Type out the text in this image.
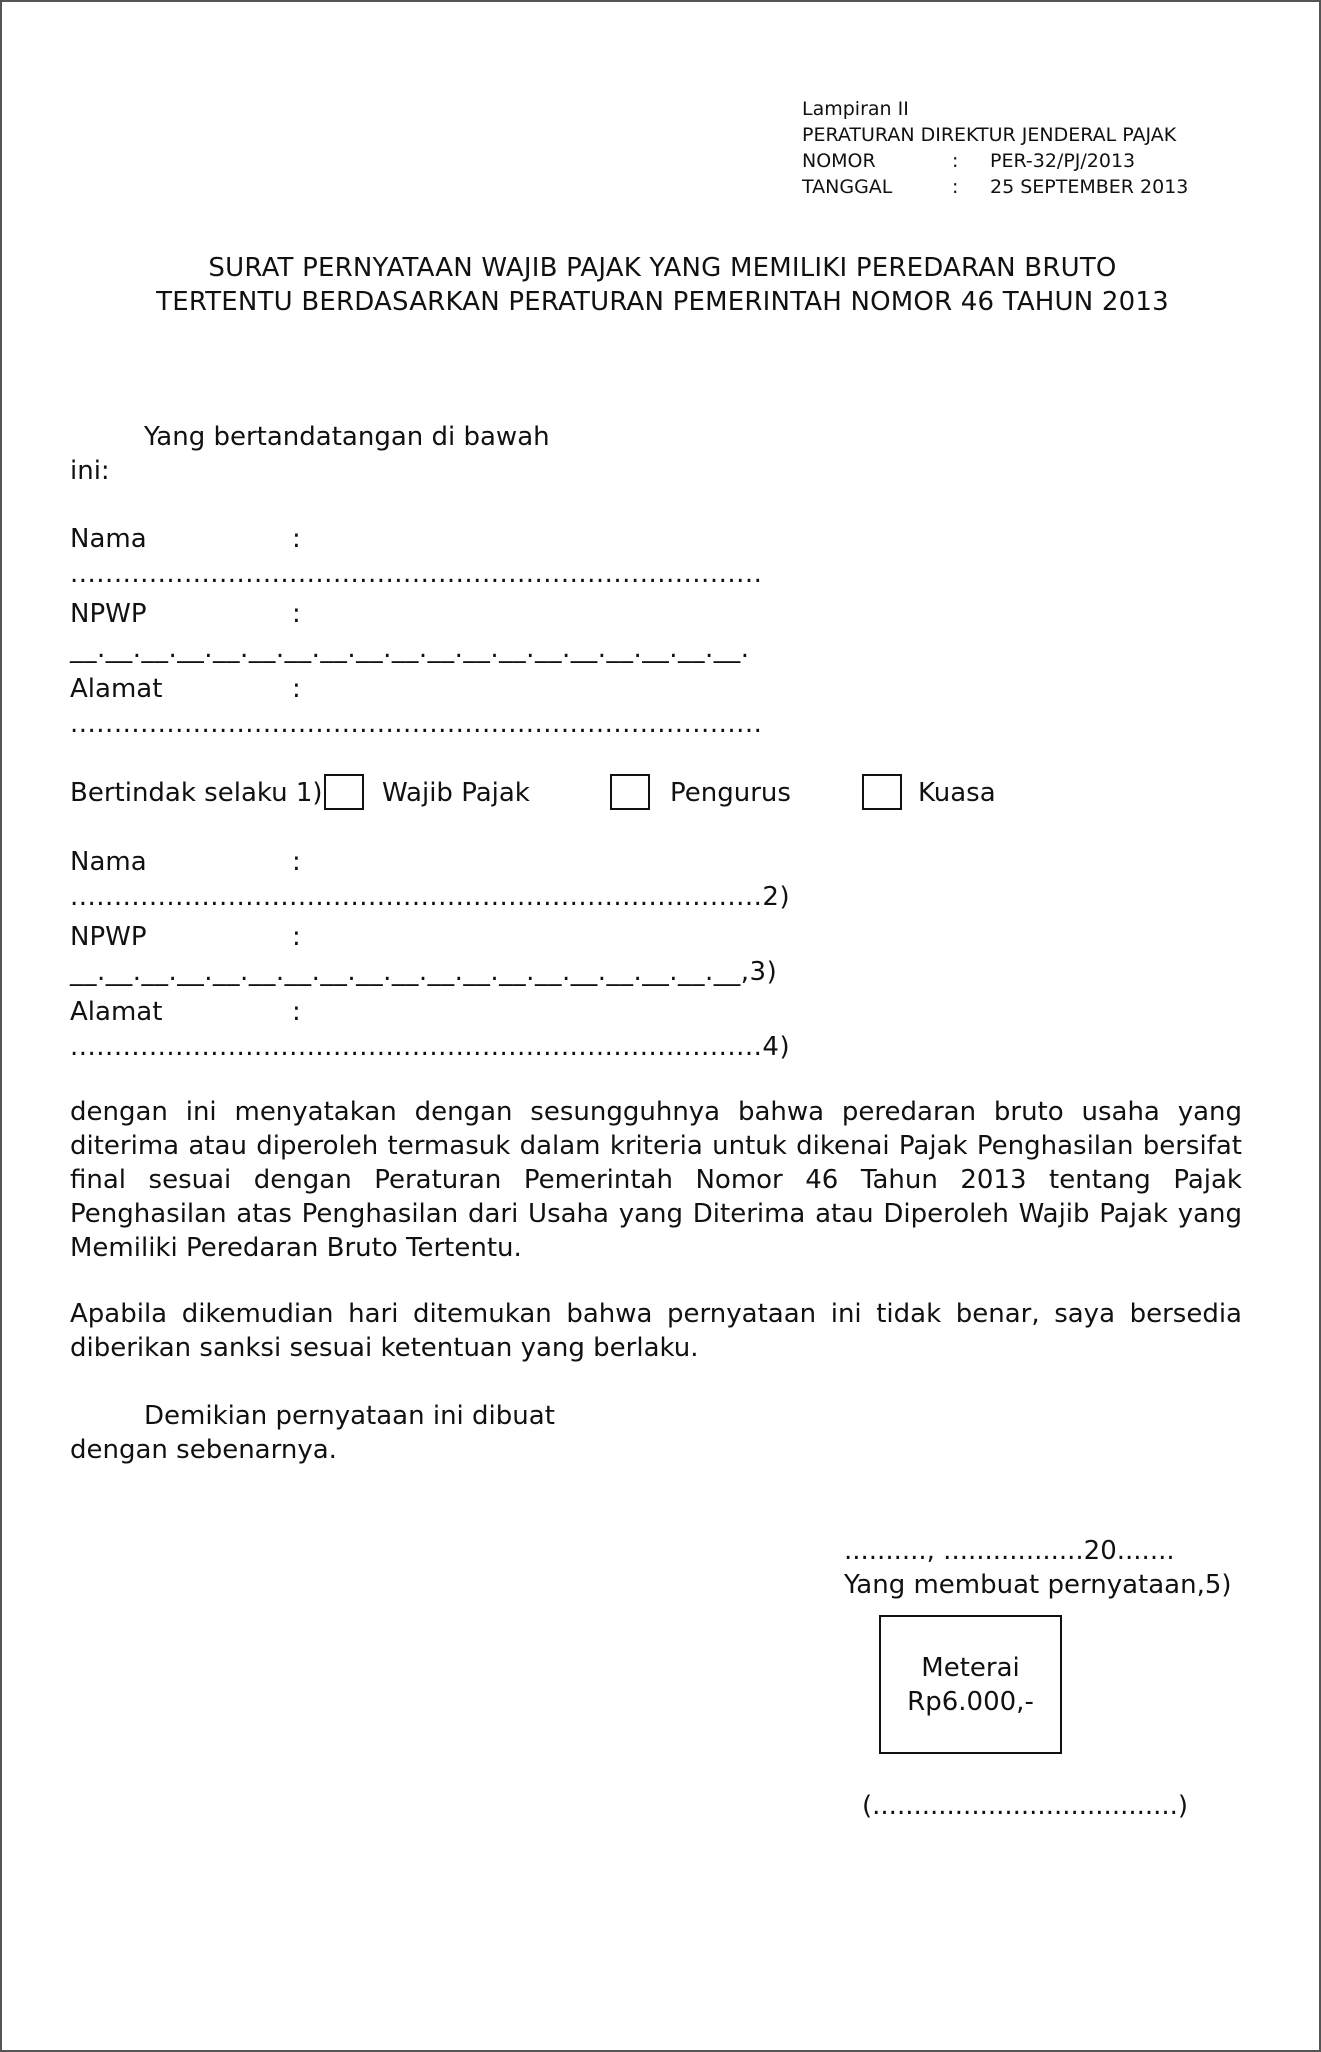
Lampiran II
PERATURAN DIREKTUR JENDERAL PAJAK
NOMOR	: PER-32/PJ/2013
TANGGAL	: 25 SEPTEMBER 2013
SURAT PERNYATAAN WAJIB PAJAK YANG MEMILIKI PEREDARAN BRUTO
TERTENTU BERDASARKAN PERATURAN PEMERINTAH NOMOR 46 TAHUN 2013
Yang bertandatangan di bawah
ini:
Nama	:
...............................................................................
NPWP	:
__.__.__.__.__.__.__.__.__.__.__.__.__.__.__.__.__.__.__.
Alamat	:
...............................................................................
Bertindak selaku 1) Wajib Pajak	Pengurus	Kuasa
Nama	:
...............................................................................2)
NPWP	:
__.__.__.__.__.__.__.__.__.__.__.__.__.__.__.__.__.__.__,3)
Alamat	:
...............................................................................4)
dengan ini menyatakan dengan sesungguhnya bahwa peredaran bruto usaha yang diterima atau diperoleh termasuk dalam kriteria untuk dikenai Pajak Penghasilan bersifat final sesuai dengan Peraturan Pemerintah Nomor 46 Tahun 2013 tentang Pajak Penghasilan atas Penghasilan dari Usaha yang Diterima atau Diperoleh Wajib Pajak yang Memiliki Peredaran Bruto Tertentu.
Apabila dikemudian hari ditemukan bahwa pernyataan ini tidak benar, saya bersedia diberikan sanksi sesuai ketentuan yang berlaku.
Demikian pernyataan ini dibuat
dengan sebenarnya.
.........., .................20.......
Yang membuat pernyataan,5)
Meterai
Rp6.000,-
(.....................................)
